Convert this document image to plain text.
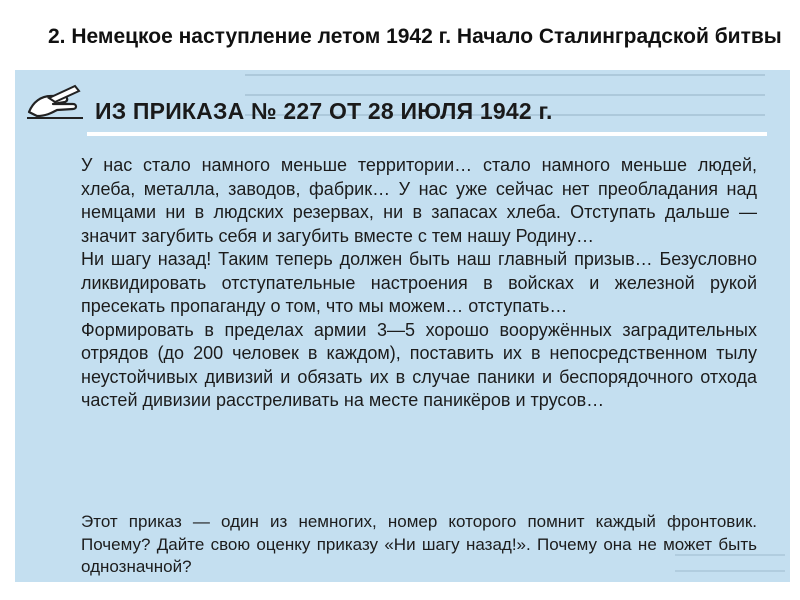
2. Немецкое наступление летом 1942 г. Начало Сталинградской битвы
ИЗ ПРИКАЗА № 227 ОТ 28 ИЮЛЯ 1942 г.

У нас стало намного меньше территории… стало намного меньше людей, хлеба, металла, заводов, фабрик… У нас уже сейчас нет преобладания над немцами ни в людских резервах, ни в запасах хлеба. Отступать дальше — значит загубить себя и загубить вместе с тем нашу Родину…

Ни шагу назад! Таким теперь должен быть наш главный призыв… Безусловно ликвидировать отступательные настроения в войсках и железной рукой пресекать пропаганду о том, что мы можем… отступать…

Формировать в пределах армии 3—5 хорошо вооружённых заградительных отрядов (до 200 человек в каждом), поставить их в непосредственном тылу неустойчивых дивизий и обязать их в случае паники и беспорядочного отхода частей дивизии расстреливать на месте паникёров и трусов…

Этот приказ — один из немногих, номер которого помнит каждый фронтовик. Почему? Дайте свою оценку приказу «Ни шагу назад!». Почему она не может быть однозначной?
